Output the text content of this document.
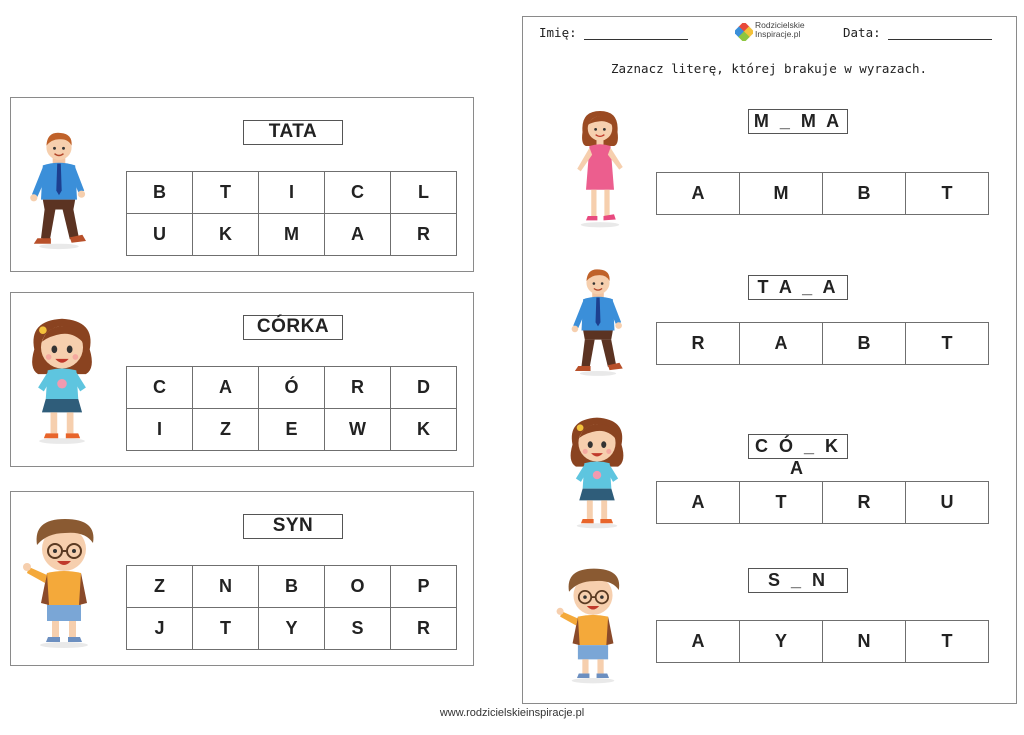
TATA
B	T	I	C	L
U	K	M	A	R
CÓRKA
C	A	Ó	R	D
I	Z	E	W	K
SYN
Z	N	B	O	P
J	T	Y	S	R
Imię:	Rodzicielskie
Inspiracje.pl	Data:
Zaznacz literę, której brakuje w wyrazach.
M _ M A
A	M	B	T
T A _ A
R	A	B	T
C Ó _ K A
A	T	R	U
S _ N
A	Y	N	T
www.rodzicielskieinspiracje.pl
